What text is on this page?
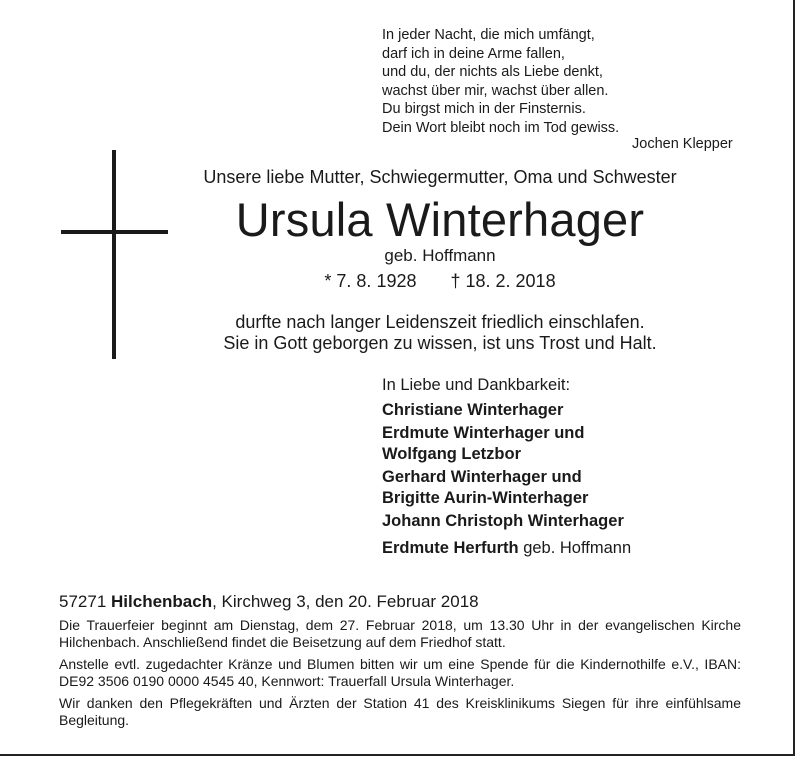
In jeder Nacht, die mich umfängt,
darf ich in deine Arme fallen,
und du, der nichts als Liebe denkt,
wachst über mir, wachst über allen.
Du birgst mich in der Finsternis.
Dein Wort bleibt noch im Tod gewiss.
Jochen Klepper
Unsere liebe Mutter, Schwiegermutter, Oma und Schwester
Ursula Winterhager
geb. Hoffmann
* 7. 8. 1928 † 18. 2. 2018
durfte nach langer Leidenszeit friedlich einschlafen.
Sie in Gott geborgen zu wissen, ist uns Trost und Halt.
In Liebe und Dankbarkeit:
Christiane Winterhager
Erdmute Winterhager und
Wolfgang Letzbor
Gerhard Winterhager und
Brigitte Aurin-Winterhager
Johann Christoph Winterhager
Erdmute Herfurth geb. Hoffmann
57271 Hilchenbach, Kirchweg 3, den 20. Februar 2018

Die Trauerfeier beginnt am Dienstag, dem 27. Februar 2018, um 13.30 Uhr in der evangelischen Kirche Hilchenbach. Anschließend findet die Beisetzung auf dem Friedhof statt.

Anstelle evtl. zugedachter Kränze und Blumen bitten wir um eine Spende für die Kindernothilfe e.V., IBAN: DE92 3506 0190 0000 4545 40, Kennwort: Trauerfall Ursula Winterhager.

Wir danken den Pflegekräften und Ärzten der Station 41 des Kreisklinikums Siegen für ihre einfühlsame Begleitung.
